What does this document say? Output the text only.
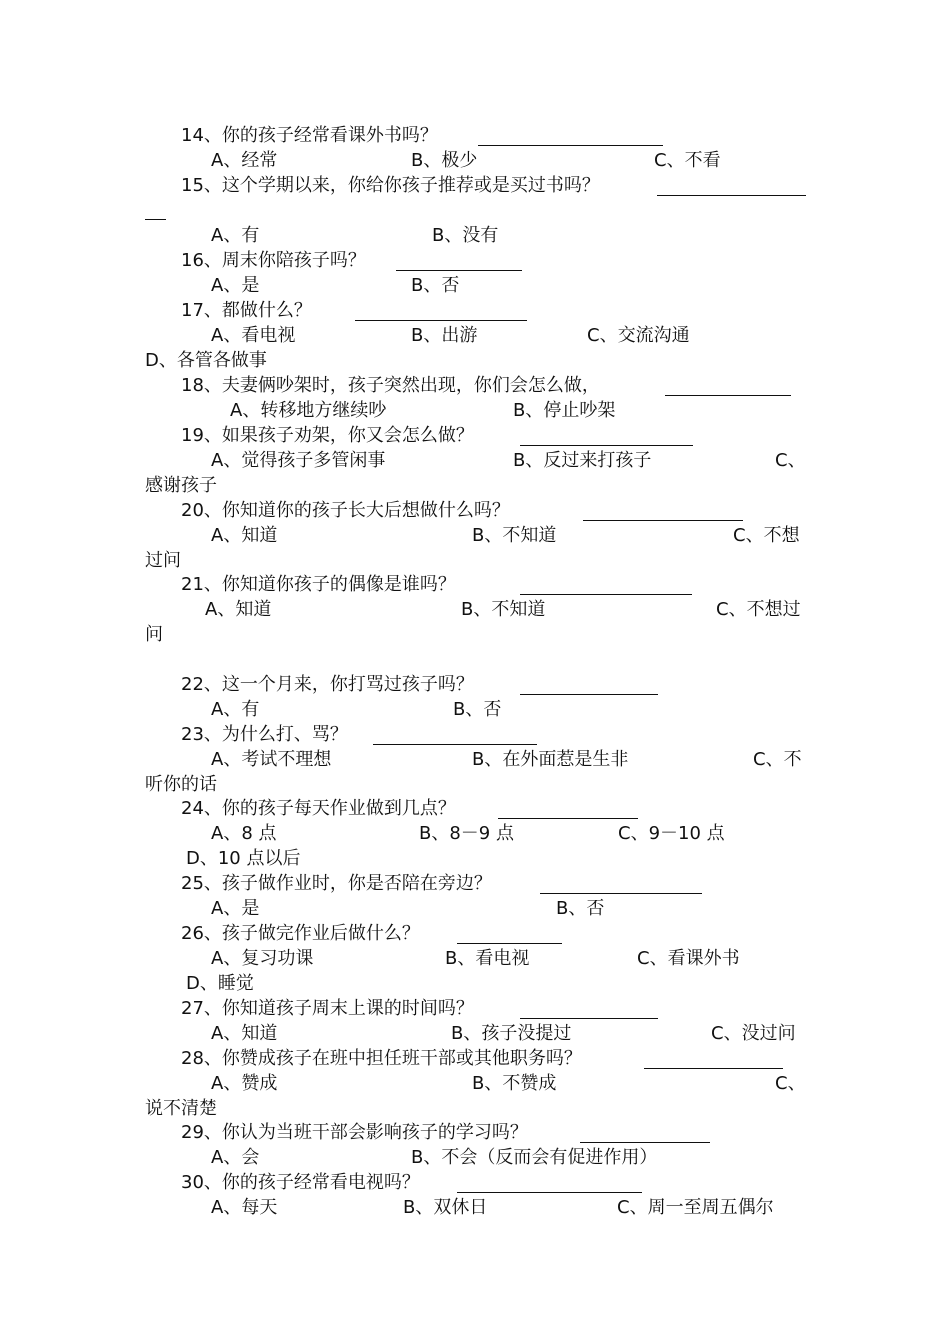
14、你的孩子经常看课外书吗？
A、经常	B、极少	C、不看
15、这个学期以来，你给你孩子推荐或是买过书吗？
A、有	B、没有
16、周末你陪孩子吗？
A、是	B、否
17、都做什么？
A、看电视	B、出游	C、交流沟通
D、各管各做事
18、夫妻俩吵架时，孩子突然出现，你们会怎么做，
A、转移地方继续吵	B、停止吵架
19、如果孩子劝架，你又会怎么做？
A、觉得孩子多管闲事	B、反过来打孩子	C、
感谢孩子
20、你知道你的孩子长大后想做什么吗？
A、知道	B、不知道	C、不想
过问
21、你知道你孩子的偶像是谁吗？
A、知道	B、不知道	C、不想过
问
22、这一个月来，你打骂过孩子吗？
A、有	B、否
23、为什么打、骂？
A、考试不理想	B、在外面惹是生非	C、不
听你的话
24、你的孩子每天作业做到几点？
A、8 点	B、8－9 点	C、9－10 点
D、10 点以后
25、孩子做作业时，你是否陪在旁边？
A、是	B、否
26、孩子做完作业后做什么？
A、复习功课	B、看电视	C、看课外书
D、睡觉
27、你知道孩子周末上课的时间吗？
A、知道	B、孩子没提过	C、没过问
28、你赞成孩子在班中担任班干部或其他职务吗？
A、赞成	B、不赞成	C、
说不清楚
29、你认为当班干部会影响孩子的学习吗？
A、会	B、不会（反而会有促进作用）
30、你的孩子经常看电视吗？
A、每天	B、双休日	C、周一至周五偶尔
